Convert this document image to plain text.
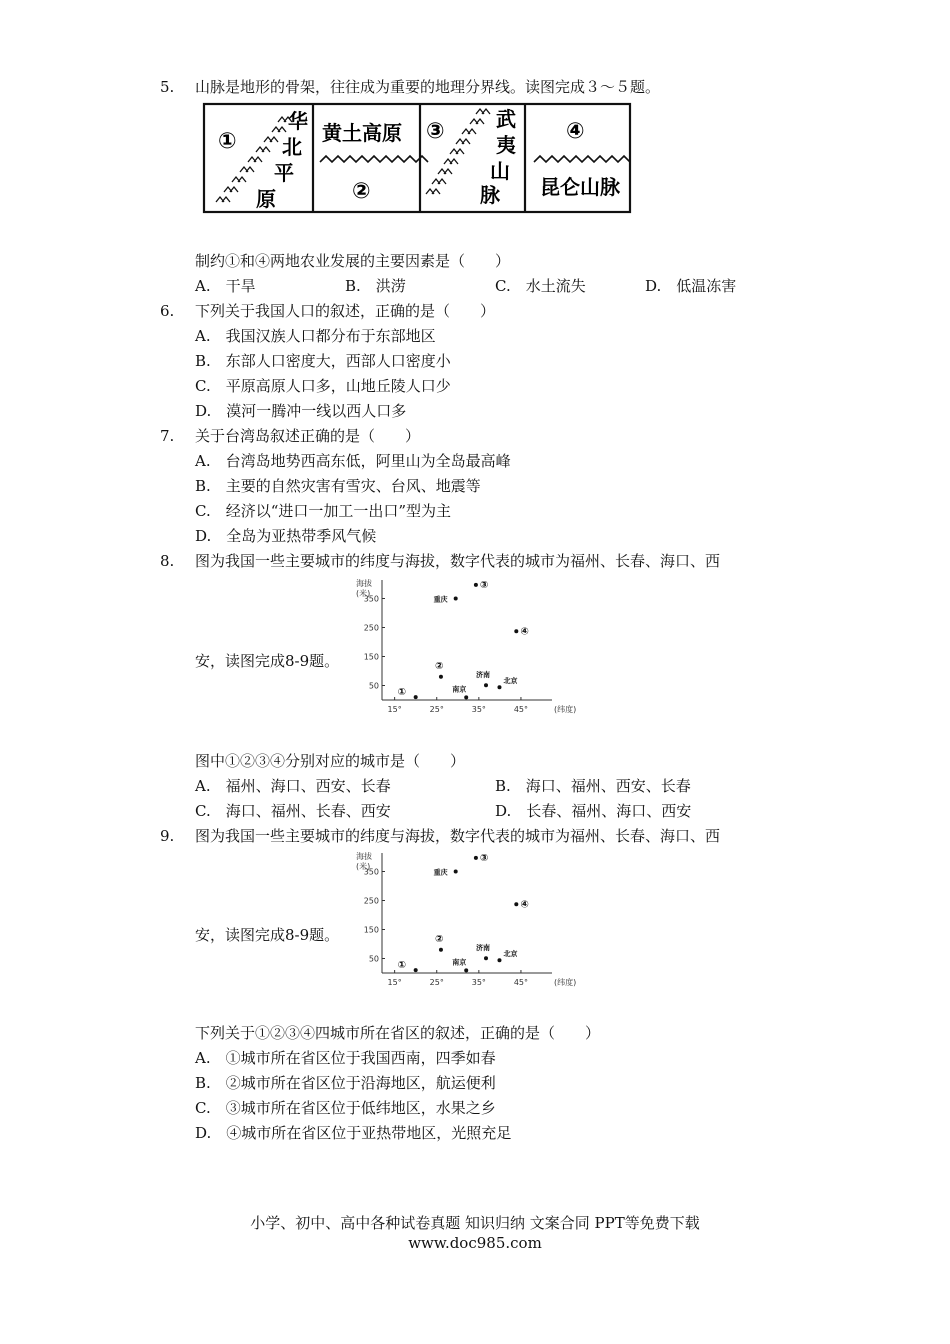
5. 山脉是地形的骨架，往往成为重要的地理分界线。读图完成３～５题。
①
华
北
平
原
黄土高原
②
③	武
夷
山
脉
④
昆仑山脉
制约①和④两地农业发展的主要因素是（　　）
A.　干旱	B.　洪涝	C.　水土流失	D.　低温冻害
6. 下列关于我国人口的叙述，正确的是（　　）
A.　我国汉族人口都分布于东部地区
B.　东部人口密度大，西部人口密度小
C.　平原高原人口多，山地丘陵人口少
D.　漠河一腾冲一线以西人口多
7. 关于台湾岛叙述正确的是（　　）
A.　台湾岛地势西高东低，阿里山为全岛最高峰
B.　主要的自然灾害有雪灾、台风、地震等
C.　经济以“进口一加工一出口”型为主
D.　全岛为亚热带季风气候
8. 图为我国一些主要城市的纬度与海拔，数字代表的城市为福州、长春、海口、西
安，读图完成8-9题。
海拔
(米)
50
150
250
350
15°	25°	35°	45°	(纬度)
①
②
南京
济南
北京
重庆
③
④
图中①②③④分别对应的城市是（　　）
A.　福州、海口、西安、长春	B.　海口、福州、西安、长春
C.　海口、福州、长春、西安	D.　长春、福州、海口、西安
9. 图为我国一些主要城市的纬度与海拔，数字代表的城市为福州、长春、海口、西
安，读图完成8-9题。
海拔
(米)
50
150
250
350
15°	25°	35°	45°	(纬度)
①
②
南京
济南
北京
重庆
③
④
下列关于①②③④四城市所在省区的叙述，正确的是（　　）
A.　①城市所在省区位于我国西南，四季如春
B.　②城市所在省区位于沿海地区，航运便利
C.　③城市所在省区位于低纬地区，水果之乡
D.　④城市所在省区位于亚热带地区，光照充足
小学、初中、高中各种试卷真题 知识归纳 文案合同 PPT等免费下载
www.doc985.com
